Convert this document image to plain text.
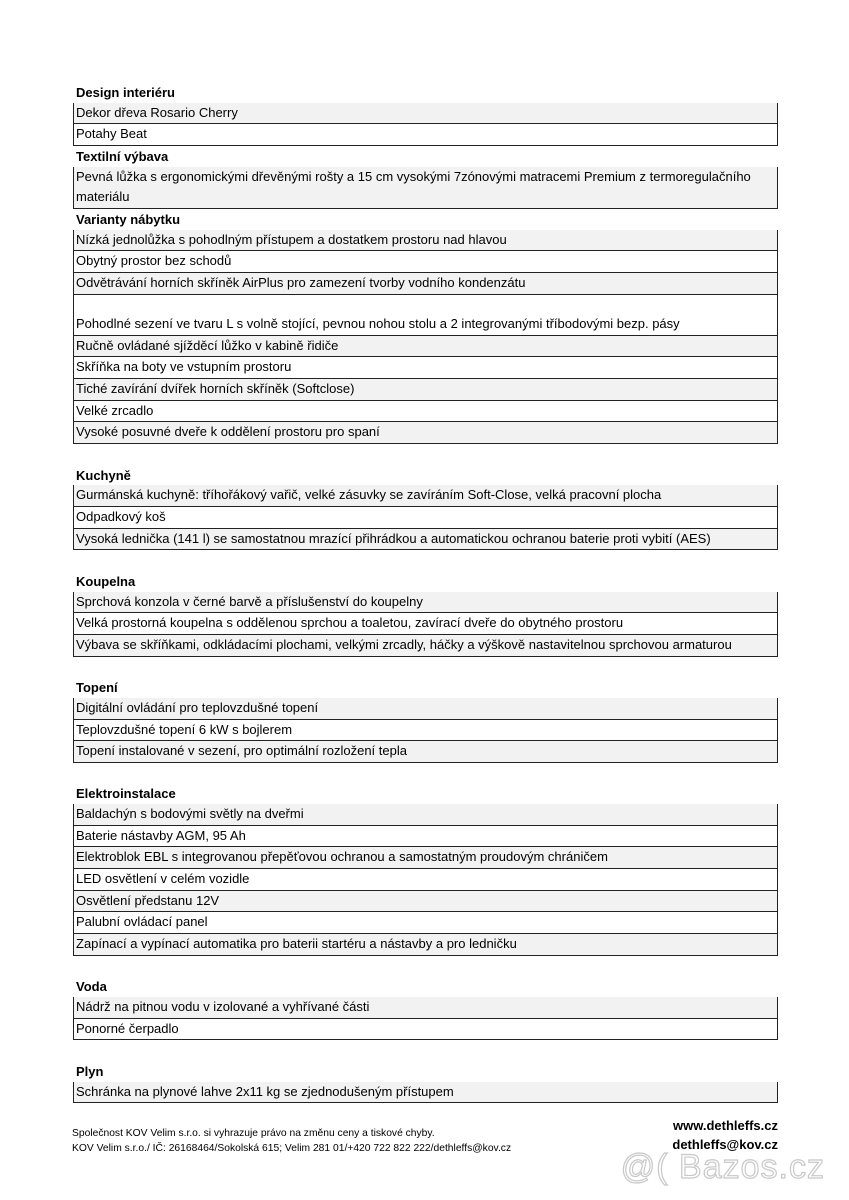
Design interiéru
Dekor dřeva Rosario Cherry
Potahy Beat
Textilní výbava
Pevná lůžka s ergonomickými dřevěnými rošty a 15 cm vysokými 7zónovými matracemi Premium z termoregulačního materiálu
Varianty nábytku
Nízká jednolůžka s pohodlným přístupem a dostatkem prostoru nad hlavou
Obytný prostor bez schodů
Odvětrávání horních skříněk AirPlus pro zamezení tvorby vodního kondenzátu
Pohodlné sezení ve tvaru L s volně stojící, pevnou nohou stolu a 2 integrovanými tříbodovými bezp. pásy
Ručně ovládané sjížděcí lůžko v kabině řidiče
Skříňka na boty ve vstupním prostoru
Tiché zavírání dvířek horních skříněk (Softclose)
Velké zrcadlo
Vysoké posuvné dveře k oddělení prostoru pro spaní
Kuchyně
Gurmánská kuchyně: tříhořákový vařič, velké zásuvky se zavíráním Soft-Close, velká pracovní plocha
Odpadkový koš
Vysoká lednička (141 l) se samostatnou mrazící přihrádkou a automatickou ochranou baterie proti vybití (AES)
Koupelna
Sprchová konzola v černé barvě a příslušenství do koupelny
Velká prostorná koupelna s oddělenou sprchou a toaletou, zavírací dveře do obytného prostoru
Výbava se skříňkami, odkládacími plochami, velkými zrcadly, háčky a výškově nastavitelnou sprchovou armaturou
Topení
Digitální ovládání pro teplovzdušné topení
Teplovzdušné topení 6 kW s bojlerem
Topení instalované v sezení, pro optimální rozložení tepla
Elektroinstalace
Baldachýn s bodovými světly na dveřmi
Baterie nástavby AGM, 95 Ah
Elektroblok EBL s integrovanou přepěťovou ochranou a samostatným proudovým chráničem
LED osvětlení v celém vozidle
Osvětlení předstanu 12V
Palubní ovládací panel
Zapínací a vypínací automatika pro baterii startéru a nástavby a pro ledničku
Voda
Nádrž na pitnou vodu v izolované a vyhřívané části
Ponorné čerpadlo
Plyn
Schránka na plynové lahve 2x11 kg se zjednodušeným přístupem
Společnost KOV Velim s.r.o. si vyhrazuje právo na změnu ceny a tiskové chyby.
KOV Velim s.r.o./ IČ: 26168464/Sokolská 615; Velim 281 01/+420 722 822 222/dethleffs@kov.cz
www.dethleffs.cz
dethleffs@kov.cz
@( Bazos.cz
